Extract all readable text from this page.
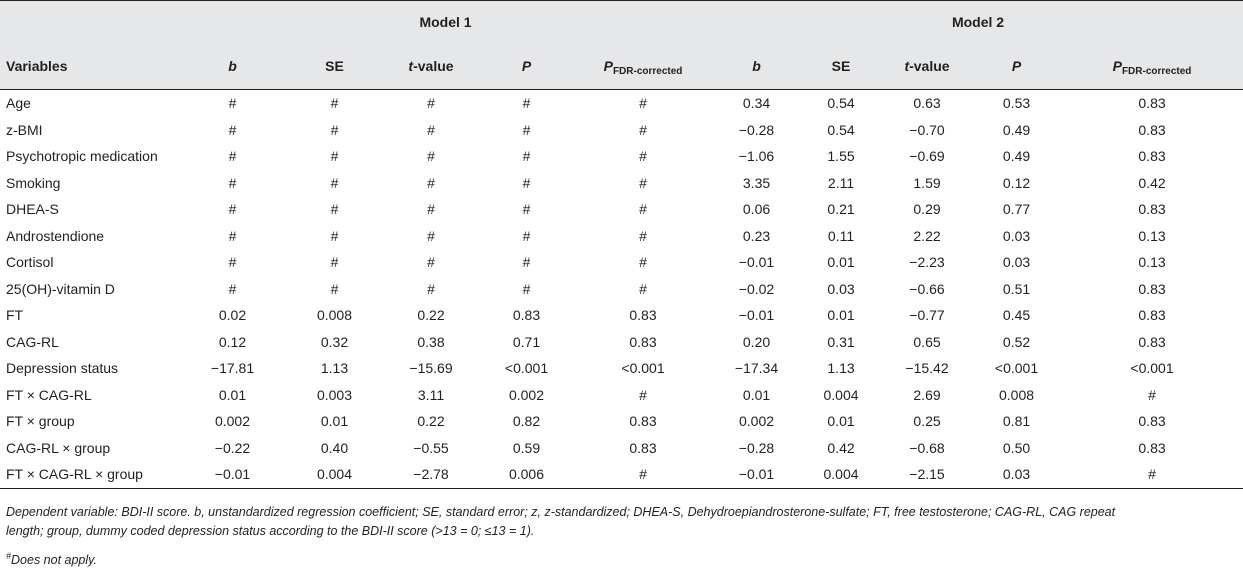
	Model 1					Model 2				
Variables	b	SE	t-value	P	$P_{FDR-corrected}$	b	SE	t-value	P	$P_{FDR-corrected}$
Age	#	#	#	#	#	0.34	0.54	0.63	0.53	0.83
z-BMI	#	#	#	#	#	−0.28	0.54	−0.70	0.49	0.83
Psychotropic medication	#	#	#	#	#	−1.06	1.55	−0.69	0.49	0.83
Smoking	#	#	#	#	#	3.35	2.11	1.59	0.12	0.42
DHEA-S	#	#	#	#	#	0.06	0.21	0.29	0.77	0.83
Androstendione	#	#	#	#	#	0.23	0.11	2.22	0.03	0.13
Cortisol	#	#	#	#	#	−0.01	0.01	−2.23	0.03	0.13
25(OH)-vitamin D	#	#	#	#	#	−0.02	0.03	−0.66	0.51	0.83
FT	0.02	0.008	0.22	0.83	0.83	−0.01	0.01	−0.77	0.45	0.83
CAG-RL	0.12	0.32	0.38	0.71	0.83	0.20	0.31	0.65	0.52	0.83
Depression status	−17.81	1.13	−15.69	<0.001	<0.001	−17.34	1.13	−15.42	<0.001	<0.001
FT × CAG-RL	0.01	0.003	3.11	0.002	#	0.01	0.004	2.69	0.008	#
FT × group	0.002	0.01	0.22	0.82	0.83	0.002	0.01	0.25	0.81	0.83
CAG-RL × group	−0.22	0.40	−0.55	0.59	0.83	−0.28	0.42	−0.68	0.50	0.83
FT × CAG-RL × group	−0.01	0.004	−2.78	0.006	#	−0.01	0.004	−2.15	0.03	#
Dependent variable: BDI-II score. b, unstandardized regression coefficient; SE, standard error; z, z-standardized; DHEA-S, Dehydroepiandrosterone-sulfate; FT, free testosterone; CAG-RL, CAG repeat length; group, dummy coded depression status according to the BDI-II score (>13 = 0; ≤13 = 1).
#Does not apply.
